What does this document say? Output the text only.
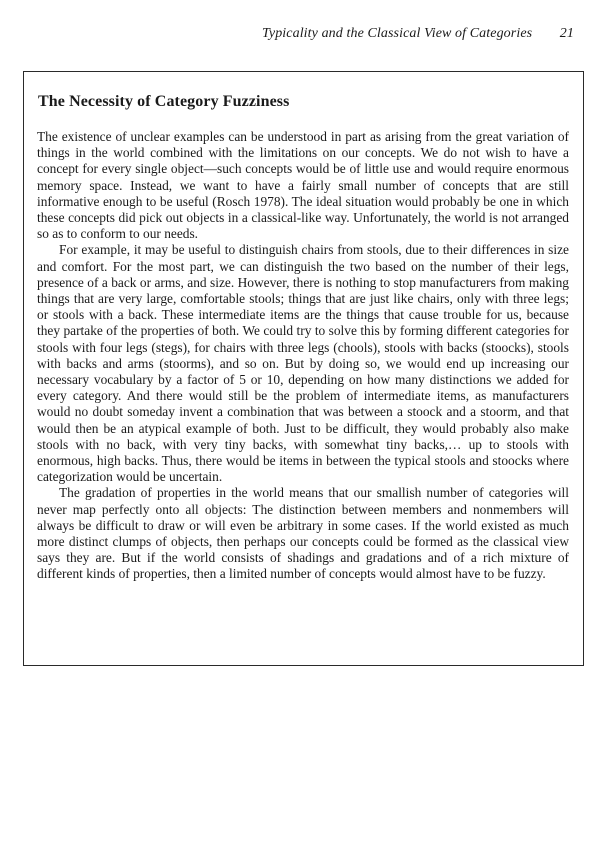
Typicality and the Classical View of Categories 21
The Necessity of Category Fuzziness

The existence of unclear examples can be understood in part as arising from the great variation of things in the world combined with the limitations on our concepts. We do not wish to have a concept for every single object—such concepts would be of little use and would require enormous memory space. Instead, we want to have a fairly small number of concepts that are still informative enough to be useful (Rosch 1978). The ideal situation would probably be one in which these concepts did pick out objects in a classical-like way. Unfortunately, the world is not arranged so as to conform to our needs.

For example, it may be useful to distinguish chairs from stools, due to their differences in size and comfort. For the most part, we can distinguish the two based on the number of their legs, presence of a back or arms, and size. However, there is nothing to stop manufacturers from making things that are very large, comfortable stools; things that are just like chairs, only with three legs; or stools with a back. These intermediate items are the things that cause trouble for us, because they partake of the properties of both. We could try to solve this by forming different categories for stools with four legs (stegs), for chairs with three legs (chools), stools with backs (stoocks), stools with backs and arms (stoorms), and so on. But by doing so, we would end up increasing our necessary vocabulary by a factor of 5 or 10, depending on how many distinctions we added for every category. And there would still be the problem of intermediate items, as manufacturers would no doubt someday invent a combination that was between a stoock and a stoorm, and that would then be an atypical example of both. Just to be difficult, they would probably also make stools with no back, with very tiny backs, with somewhat tiny backs,… up to stools with enormous, high backs. Thus, there would be items in between the typical stools and stoocks where categorization would be uncertain.

The gradation of properties in the world means that our smallish number of categories will never map perfectly onto all objects: The distinction between members and nonmembers will always be difficult to draw or will even be arbitrary in some cases. If the world existed as much more distinct clumps of objects, then perhaps our concepts could be formed as the classical view says they are. But if the world consists of shadings and gradations and of a rich mixture of different kinds of properties, then a limited number of concepts would almost have to be fuzzy.
